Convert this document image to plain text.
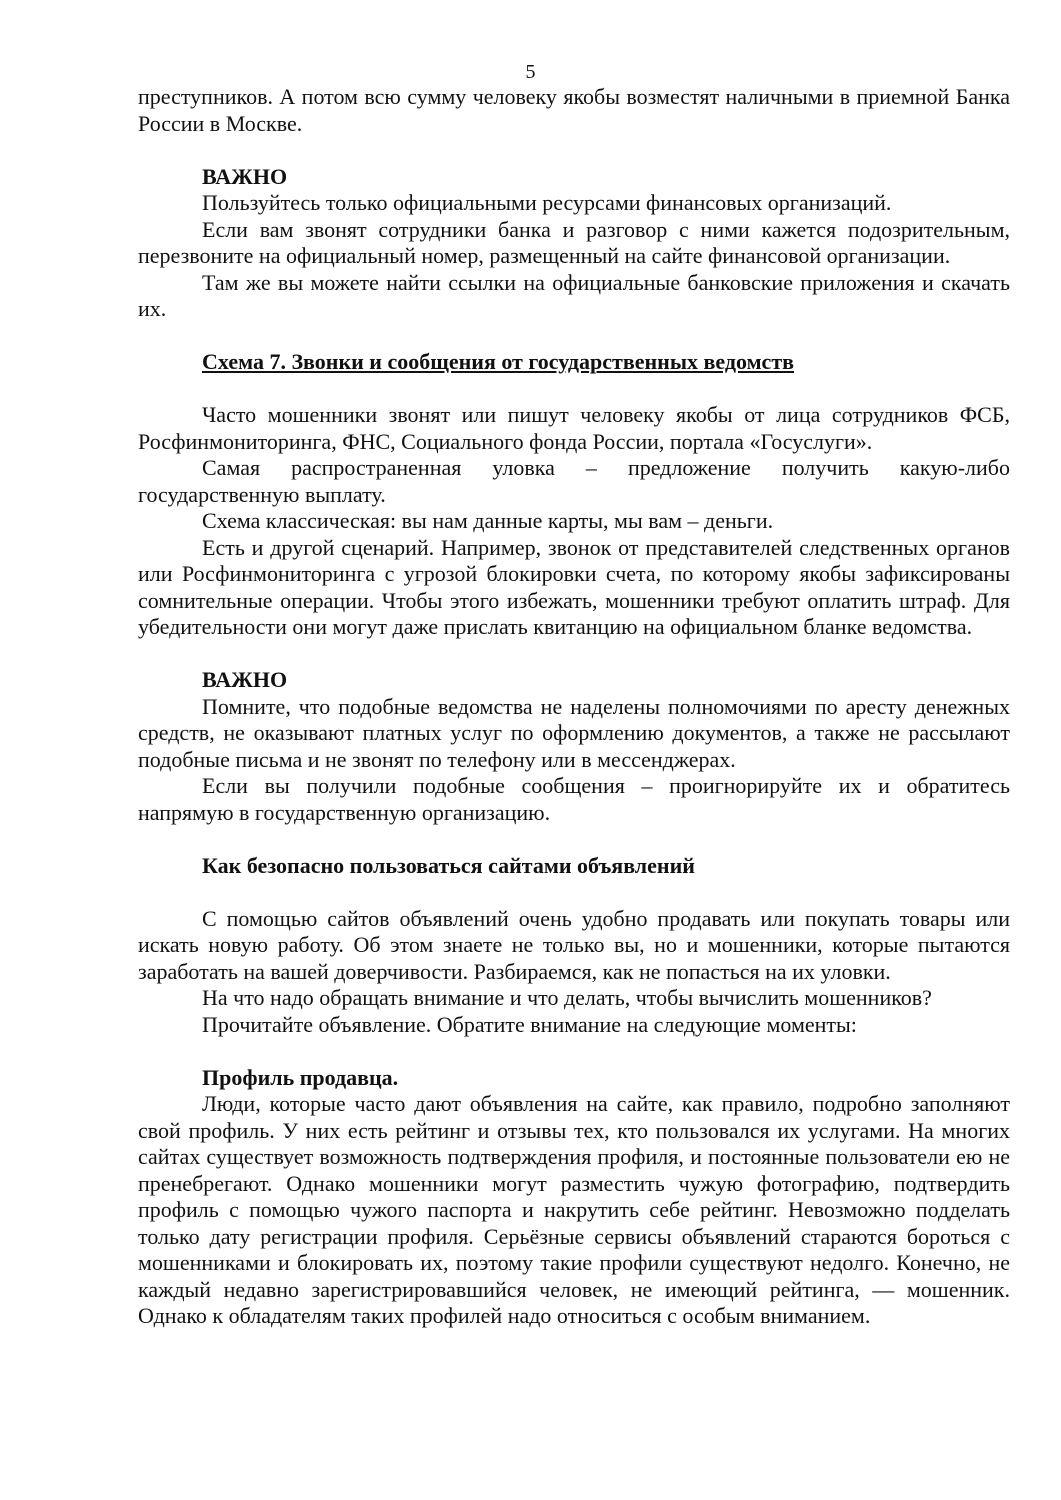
5

преступников. А потом всю сумму человеку якобы возместят наличными в приемной Банка России в Москве.

ВАЖНО

Пользуйтесь только официальными ресурсами финансовых организаций.

Если вам звонят сотрудники банка и разговор с ними кажется подозрительным, перезвоните на официальный номер, размещенный на сайте финансовой организации.

Там же вы можете найти ссылки на официальные банковские приложения и скачать их.

Схема 7. Звонки и сообщения от государственных ведомств

Часто мошенники звонят или пишут человеку якобы от лица сотрудников ФСБ, Росфинмониторинга, ФНС, Социального фонда России, портала «Госуслуги».

Самая распространенная уловка – предложение получить какую-либо государственную выплату.

Схема классическая: вы нам данные карты, мы вам – деньги.

Есть и другой сценарий. Например, звонок от представителей следственных органов или Росфинмониторинга с угрозой блокировки счета, по которому якобы зафиксированы сомнительные операции. Чтобы этого избежать, мошенники требуют оплатить штраф. Для убедительности они могут даже прислать квитанцию на официальном бланке ведомства.

ВАЖНО

Помните, что подобные ведомства не наделены полномочиями по аресту денежных средств, не оказывают платных услуг по оформлению документов, а также не рассылают подобные письма и не звонят по телефону или в мессенджерах.

Если вы получили подобные сообщения – проигнорируйте их и обратитесь напрямую в государственную организацию.

Как безопасно пользоваться сайтами объявлений

С помощью сайтов объявлений очень удобно продавать или покупать товары или искать новую работу. Об этом знаете не только вы, но и мошенники, которые пытаются заработать на вашей доверчивости. Разбираемся, как не попасться на их уловки.

На что надо обращать внимание и что делать, чтобы вычислить мошенников?

Прочитайте объявление. Обратите внимание на следующие моменты:

Профиль продавца.

Люди, которые часто дают объявления на сайте, как правило, подробно заполняют свой профиль. У них есть рейтинг и отзывы тех, кто пользовался их услугами. На многих сайтах существует возможность подтверждения профиля, и постоянные пользователи ею не пренебрегают. Однако мошенники могут разместить чужую фотографию, подтвердить профиль с помощью чужого паспорта и накрутить себе рейтинг. Невозможно подделать только дату регистрации профиля. Серьёзные сервисы объявлений стараются бороться с мошенниками и блокировать их, поэтому такие профили существуют недолго. Конечно, не каждый недавно зарегистрировавшийся человек, не имеющий рейтинга, — мошенник. Однако к обладателям таких профилей надо относиться с особым вниманием.
